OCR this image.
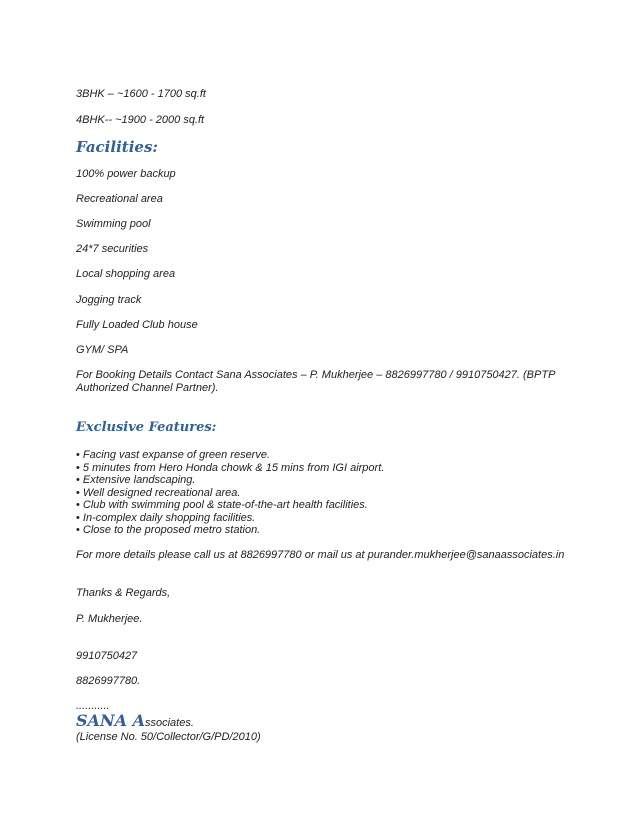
3BHK – ~1600 - 1700 sq.ft

4BHK-- ~1900 - 2000 sq.ft

Facilities:

100% power backup

Recreational area

Swimming pool

24*7 securities

Local shopping area

Jogging track

Fully Loaded Club house

GYM/ SPA

For Booking Details Contact Sana Associates – P. Mukherjee – 8826997780 / 9910750427. (BPTP Authorized Channel Partner).

Exclusive Features:
• Facing vast expanse of green reserve.
• 5 minutes from Hero Honda chowk & 15 mins from IGI airport.
• Extensive landscaping.
• Well designed recreational area.
• Club with swimming pool & state-of-the-art health facilities.
• In-complex daily shopping facilities.
• Close to the proposed metro station.

For more details please call us at 8826997780 or mail us at purander.mukherjee@sanaassociates.in

Thanks & Regards,

P. Mukherjee.

9910750427

8826997780.

...........

SANA Associates.

(License No. 50/Collector/G/PD/2010)
